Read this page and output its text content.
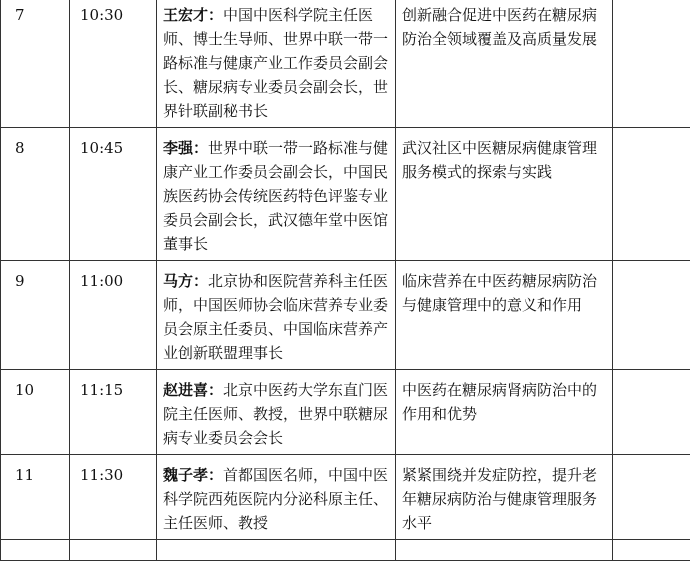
7	10:30	王宏才：中国中医科学院主任医师、博士生导师、世界中联一带一路标准与健康产业工作委员会副会长、糖尿病专业委员会副会长，世界针联副秘书长	创新融合促进中医药在糖尿病防治全领域覆盖及高质量发展	

8	10:45	李强：世界中联一带一路标准与健康产业工作委员会副会长，中国民族医药协会传统医药特色评鉴专业委员会副会长，武汉德年堂中医馆董事长	武汉社区中医糖尿病健康管理服务模式的探索与实践	

9	11:00	马方：北京协和医院营养科主任医师，中国医师协会临床营养专业委员会原主任委员、中国临床营养产业创新联盟理事长	临床营养在中医药糖尿病防治与健康管理中的意义和作用	

10	11:15	赵进喜：北京中医药大学东直门医院主任医师、教授，世界中联糖尿病专业委员会会长	中医药在糖尿病肾病防治中的作用和优势	

11	11:30	魏子孝：首都国医名师，中国中医科学院西苑医院内分泌科原主任、主任医师、教授	紧紧围绕并发症防控，提升老年糖尿病防治与健康管理服务水平	
